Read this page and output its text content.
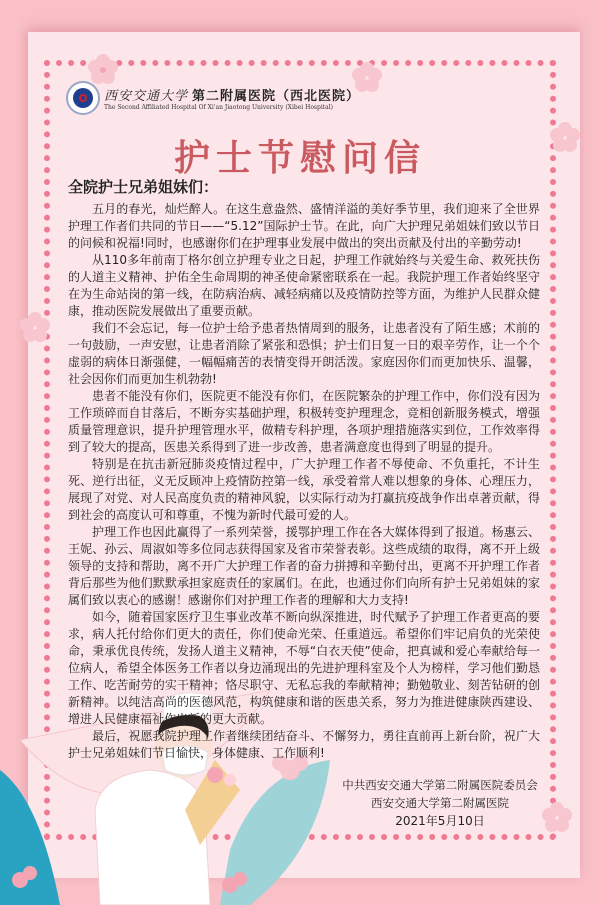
西安交通大学 第二附属医院（西北医院）
The Second Affiliated Hospital Of Xi'an Jiaotong University (Xibei Hospital)
护士节慰问信
全院护士兄弟姐妹们：

五月的春光，灿烂醉人。在这生意盎然、盛情洋溢的美好季节里，我们迎来了全世界护理工作者们共同的节日——“5.12”国际护士节。在此，向广大护理兄弟姐妹们致以节日的问候和祝福!同时，也感谢你们在护理事业发展中做出的突出贡献及付出的辛勤劳动!

从110多年前南丁格尔创立护理专业之日起，护理工作就始终与关爱生命、救死扶伤的人道主义精神、护佑全生命周期的神圣使命紧密联系在一起。我院护理工作者始终坚守在为生命站岗的第一线，在防病治病、减轻病痛以及疫情防控等方面，为维护人民群众健康，推动医院发展做出了重要贡献。

我们不会忘记，每一位护士给予患者热情周到的服务，让患者没有了陌生感；术前的一句鼓励，一声安慰，让患者消除了紧张和恐惧；护士们日复一日的艰辛劳作，让一个个虚弱的病体日渐强健，一幅幅痛苦的表情变得开朗活泼。家庭因你们而更加快乐、温馨，社会因你们而更加生机勃勃!

患者不能没有你们，医院更不能没有你们，在医院繁杂的护理工作中，你们没有因为工作琐碎而自甘落后，不断夯实基础护理，积极转变护理理念，竞相创新服务模式，增强质量管理意识，提升护理管理水平，做精专科护理，各项护理措施落实到位，工作效率得到了较大的提高，医患关系得到了进一步改善，患者满意度也得到了明显的提升。

特别是在抗击新冠肺炎疫情过程中，广大护理工作者不辱使命、不负重托，不计生死、逆行出征，义无反顾冲上疫情防控第一线，承受着常人难以想象的身体、心理压力，展现了对党、对人民高度负责的精神风貌，以实际行动为打赢抗疫战争作出卓著贡献，得到社会的高度认可和尊重，不愧为新时代最可爱的人。

护理工作也因此赢得了一系列荣誉，援鄂护理工作在各大媒体得到了报道。杨惠云、王妮、孙云、周淑如等多位同志获得国家及省市荣誉表彰。这些成绩的取得，离不开上级领导的支持和帮助，离不开广大护理工作者的奋力拼搏和辛勤付出，更离不开护理工作者背后那些为他们默默承担家庭责任的家属们。在此，也通过你们向所有护士兄弟姐妹的家属们致以衷心的感谢！感谢你们对护理工作者的理解和大力支持!

如今，随着国家医疗卫生事业改革不断向纵深推进，时代赋予了护理工作者更高的要求，病人托付给你们更大的责任，你们使命光荣、任重道远。希望你们牢记肩负的光荣使命，秉承优良传统，发扬人道主义精神，不辱“白衣天使”使命，把真诚和爱心奉献给每一位病人，希望全体医务工作者以身边涌现出的先进护理科室及个人为榜样，学习他们勤恳工作、吃苦耐劳的实干精神；恪尽职守、无私忘我的奉献精神；勤勉敬业、刻苦钻研的创新精神。以纯洁高尚的医德风范，构筑健康和谐的医患关系，努力为推进健康陕西建设、增进人民健康福祉作出新的更大贡献。

最后，祝愿我院护理工作者继续团结奋斗、不懈努力，勇往直前再上新台阶，祝广大护士兄弟姐妹们节日愉快，身体健康、工作顺利!

中共西安交通大学第二附属医院委员会
西安交通大学第二附属医院
2021年5月10日
